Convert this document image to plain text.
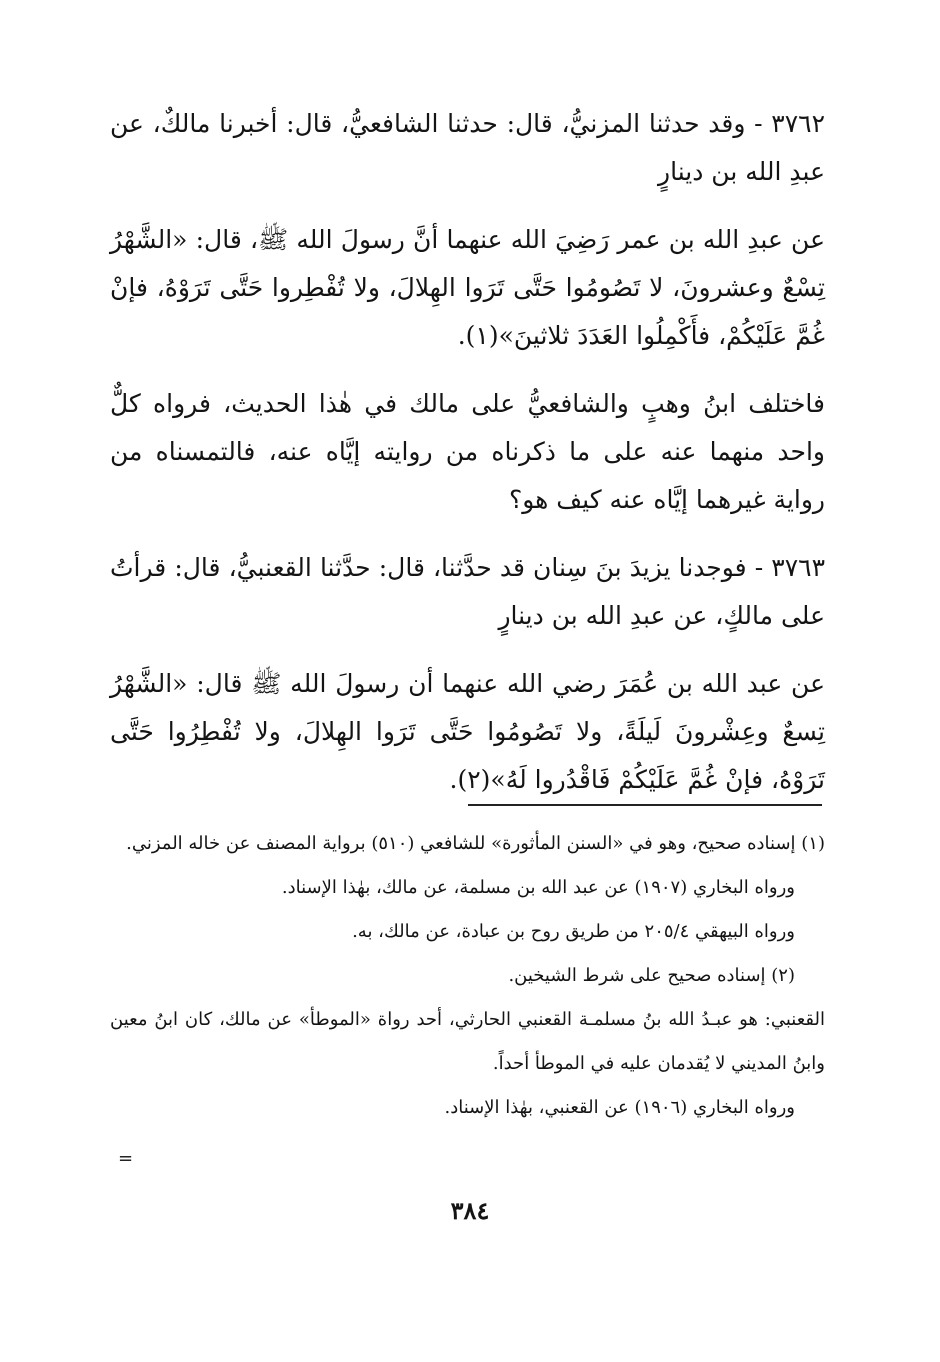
٣٧٦٢ - وقد حدثنا المزنيُّ، قال: حدثنا الشافعيُّ، قال: أخبرنا مالكٌ، عن عبدِ الله بن دينارٍ

عن عبدِ الله بن عمر رَضِيَ الله عنهما أنَّ رسولَ الله ﷺ، قال: «الشَّهْرُ تِسْعٌ وعشرونَ، لا تَصُومُوا حَتَّى تَرَوا الهِلالَ، ولا تُفْطِروا حَتَّى تَرَوْهُ، فإنْ غُمَّ عَلَيْكُمْ، فأَكْمِلُوا العَدَدَ ثلاثينَ»(١).

فاختلف ابنُ وهبٍ والشافعيُّ على مالك في هٰذا الحديث، فرواه كلٌّ واحد منهما عنه على ما ذكرناه من روايته إيَّاه عنه، فالتمسناه من رواية غيرهما إيَّاه عنه كيف هو؟

٣٧٦٣ - فوجدنا يزيدَ بنَ سِنان قد حدَّثنا، قال: حدَّثنا القعنبيُّ، قال: قرأتُ على مالكٍ، عن عبدِ الله بن دينارٍ

عن عبد الله بن عُمَرَ رضي الله عنهما أن رسولَ الله ﷺ قال: «الشَّهْرُ تِسعٌ وعِشْرونَ لَيلَةً، ولا تَصُومُوا حَتَّى تَرَوا الهِلالَ، ولا تُفْطِرُوا حَتَّى تَرَوْهُ، فإنْ غُمَّ عَلَيْكُمْ فَاقْدُروا لَهُ»(٢).

(١) إسناده صحيح، وهو في «السنن المأثورة» للشافعي (٥١٠) برواية المصنف عن خاله المزني.

ورواه البخاري (١٩٠٧) عن عبد الله بن مسلمة، عن مالك، بهٰذا الإسناد.

ورواه البيهقي ٢٠٥/٤ من طريق روح بن عبادة، عن مالك، به.

(٢) إسناده صحيح على شرط الشيخين.

القعنبي: هو عبـدُ الله بنُ مسلمـة القعنبي الحارثي، أحد رواة «الموطأ» عن مالك، كان ابنُ معين وابنُ المديني لا يُقدمان عليه في الموطأ أحداً.

ورواه البخاري (١٩٠٦) عن القعنبي، بهٰذا الإسناد.

=
٣٨٤
